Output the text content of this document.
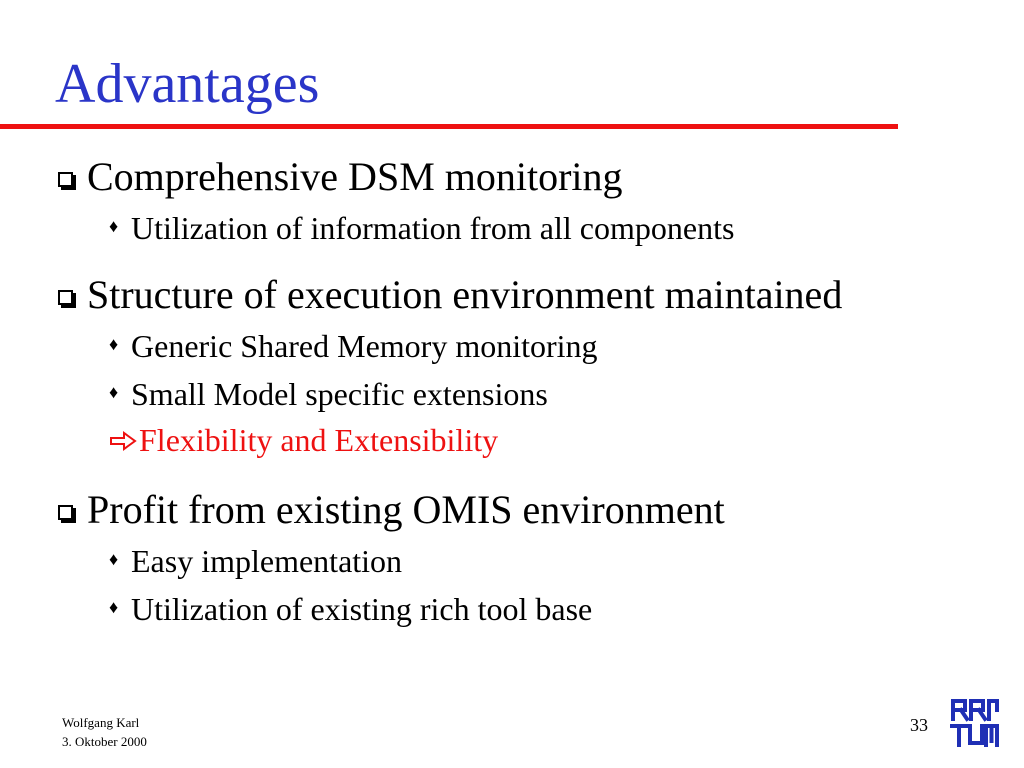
Advantages
Comprehensive DSM monitoring
♦ Utilization of information from all components
Structure of execution environment maintained
♦ Generic Shared Memory monitoring
♦ Small Model specific extensions
Flexibility and Extensibility
Profit from existing OMIS environment
♦ Easy implementation
♦ Utilization of existing rich tool base
Wolfgang Karl
3. Oktober 2000
33
